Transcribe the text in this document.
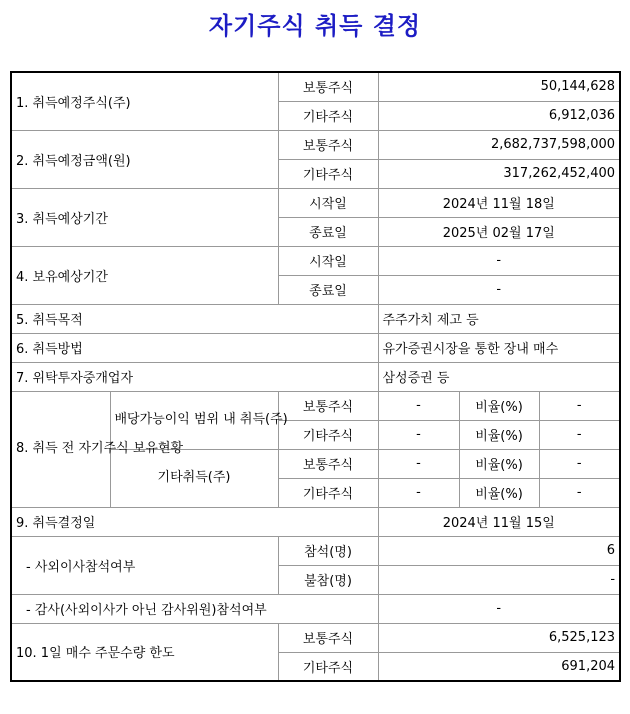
자기주식 취득 결정
1. 취득예정주식(주)		보통주식	50,144,628		
		기타주식	6,912,036		
2. 취득예정금액(원)		보통주식	2,682,737,598,000		
		기타주식	317,262,452,400		
3. 취득예상기간		시작일	2024년 11월 18일		
		종료일	2025년 02월 17일		
4. 보유예상기간		시작일	-		
		종료일	-		
5. 취득목적			주주가치 제고 등		
6. 취득방법			유가증권시장을 통한 장내 매수		
7. 위탁투자중개업자			삼성증권 등		
8. 취득 전 자기주식 보유현황	배당가능이익 범위 내 취득(주)	보통주식	-	비율(%)	-
		기타주식	-	비율(%)	-
	기타취득(주)	보통주식	-	비율(%)	-
		기타주식	-	비율(%)	-
9. 취득결정일			2024년 11월 15일		
- 사외이사참석여부		참석(명)	6		
		불참(명)	-		
- 감사(사외이사가 아닌 감사위원)참석여부			-		
10. 1일 매수 주문수량 한도		보통주식	6,525,123		
		기타주식	691,204		
